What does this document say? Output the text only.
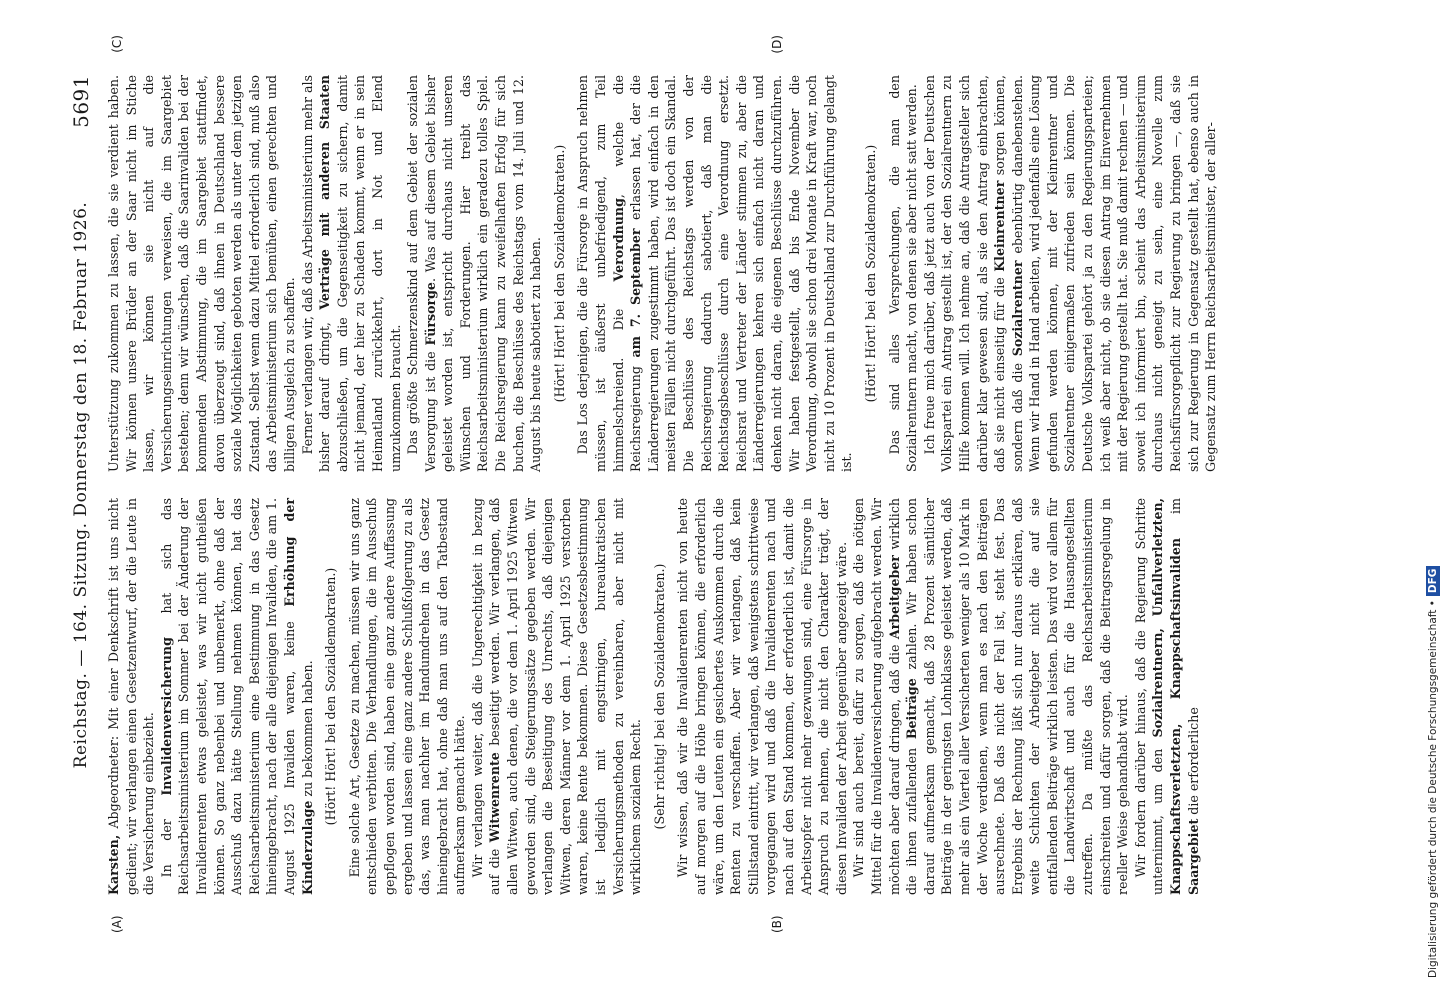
Reichstag. — 164. Sitzung. Donnerstag den 18. Februar 1926.
5691
(A)	(B)
(C)	(D)

Karsten, Abgeordneter: Mit einer Denkschrift ist uns nicht gedient; wir verlangen einen Gesetzentwurf, der die Leute in die Versicherung einbezieht. In der Invalidenversicherung hat sich das Reichsarbeitsministerium im Sommer bei der Änderung der Invalidenrenten etwas geleistet, was wir nicht gutheißen können. So ganz nebenbei und unbemerkt, ohne daß der Ausschuß dazu hätte Stellung nehmen können, hat das Reichsarbeitsministerium eine Bestimmung in das Gesetz hineingebracht, nach der alle diejenigen Invaliden, die am 1. August 1925 Invaliden waren, keine Erhöhung der Kinderzulage zu bekommen haben. (Hört! Hört! bei den Sozialdemokraten.) Eine solche Art, Gesetze zu machen, müssen wir uns ganz entschieden verbitten. Die Verhandlungen, die im Ausschuß gepflogen worden sind, haben eine ganz andere Auffassung ergeben und lassen eine ganz andere Schlußfolgerung zu als das, was man nachher im Handumdrehen in das Gesetz hineingebracht hat, ohne daß man uns auf den Tatbestand aufmerksam gemacht hätte. Wir verlangen weiter, daß die Ungerechtigkeit in bezug auf die Witwenrente beseitigt werden. Wir verlangen, daß allen Witwen, auch denen, die vor dem 1. April 1925 Witwen geworden sind, die Steigerungssätze gegeben werden. Wir verlangen die Beseitigung des Unrechts, daß diejenigen Witwen, deren Männer vor dem 1. April 1925 verstorben waren, keine Rente bekommen. Diese Gesetzesbestimmung ist lediglich mit engstirnigen, bureaukratischen Versicherungsmethoden zu vereinbaren, aber nicht mit wirklichem sozialem Recht. (Sehr richtig! bei den Sozialdemokraten.) Wir wissen, daß wir die Invalidenrenten nicht von heute auf morgen auf die Höhe bringen können, die erforderlich wäre, um den Leuten ein gesichertes Auskommen durch die Renten zu verschaffen. Aber wir verlangen, daß kein Stillstand eintritt, wir verlangen, daß wenigstens schrittweise vorgegangen wird und daß die Invalidenrenten nach und nach auf den Stand kommen, der erforderlich ist, damit die Arbeitsopfer nicht mehr gezwungen sind, eine Fürsorge in Anspruch zu nehmen, die nicht den Charakter trägt, der diesen Invaliden der Arbeit gegenüber angezeigt wäre. Wir sind auch bereit, dafür zu sorgen, daß die nötigen Mittel für die Invalidenversicherung aufgebracht werden. Wir möchten aber darauf dringen, daß die Arbeitgeber wirklich die ihnen zufallenden Beiträge zahlen. Wir haben schon darauf aufmerksam gemacht, daß 28 Prozent sämtlicher Beiträge in der geringsten Lohnklasse geleistet werden, daß mehr als ein Viertel aller Versicherten weniger als 10 Mark in der Woche verdienen, wenn man es nach den Beiträgen ausrechnete. Daß das nicht der Fall ist, steht fest. Das Ergebnis der Rechnung läßt sich nur daraus erklären, daß weite Schichten der Arbeitgeber nicht die auf sie entfallenden Beiträge wirklich leisten. Das wird vor allem für die Landwirtschaft und auch für die Hausangestellten zutreffen. Da müßte das Reichsarbeitsministerium einschreiten und dafür sorgen, daß die Beitragsregelung in reeller Weise gehandhabt wird. Wir fordern darüber hinaus, daß die Regierung Schritte unternimmt, um den Sozialrentnern, Unfallverletzten, Knappschaftsverletzten, Knappschaftsinvaliden im Saargebiet die erforderliche

Unterstützung zukommen zu lassen, die sie verdient haben. Wir können unsere Brüder an der Saar nicht im Stiche lassen, wir können sie nicht auf die Versicherungseinrichtungen verweisen, die im Saargebiet bestehen; denn wir wünschen, daß die Saarinvaliden bei der kommenden Abstimmung, die im Saargebiet stattfindet, davon überzeugt sind, daß ihnen in Deutschland bessere soziale Möglichkeiten geboten werden als unter dem jetzigen Zustand. Selbst wenn dazu Mittel erforderlich sind, muß also das Arbeitsministerium sich bemühen, einen gerechten und billigen Ausgleich zu schaffen. Ferner verlangen wir, daß das Arbeitsministerium mehr als bisher darauf dringt, Verträge mit anderen Staaten abzuschließen, um die Gegenseitigkeit zu sichern, damit nicht jemand, der hier zu Schaden kommt, wenn er in sein Heimatland zurückkehrt, dort in Not und Elend umzukommen braucht. Das größte Schmerzenskind auf dem Gebiet der sozialen Versorgung ist die Fürsorge. Was auf diesem Gebiet bisher geleistet worden ist, entspricht durchaus nicht unseren Wünschen und Forderungen. Hier treibt das Reichsarbeitsministerium wirklich ein geradezu tolles Spiel. Die Reichsregierung kann zu zweifelhaften Erfolg für sich buchen, die Beschlüsse des Reichstags vom 14. Juli und 12. August bis heute sabotiert zu haben. (Hört! Hört! bei den Sozialdemokraten.) Das Los derjenigen, die die Fürsorge in Anspruch nehmen müssen, ist äußerst unbefriedigend, zum Teil himmelschreiend. Die Verordnung, welche die Reichsregierung am 7. September erlassen hat, der die Länderregierungen zugestimmt haben, wird einfach in den meisten Fällen nicht durchgeführt. Das ist doch ein Skandal. Die Beschlüsse des Reichstags werden von der Reichsregierung dadurch sabotiert, daß man die Reichstagsbeschlüsse durch eine Verordnung ersetzt. Reichsrat und Vertreter der Länder stimmen zu, aber die Länderregierungen kehren sich einfach nicht daran und denken nicht daran, die eigenen Beschlüsse durchzuführen. Wir haben festgestellt, daß bis Ende November die Verordnung, obwohl sie schon drei Monate in Kraft war, noch nicht zu 10 Prozent in Deutschland zur Durchführung gelangt ist.

(Hört! Hört! bei den Sozialdemokraten.) Das sind alles Versprechungen, die man den Sozialrentnern macht, von denen sie aber nicht satt werden. Ich freue mich darüber, daß jetzt auch von der Deutschen Volkspartei ein Antrag gestellt ist, der den Sozialrentnern zu Hilfe kommen will. Ich nehme an, daß die Antragsteller sich darüber klar gewesen sind, als sie den Antrag einbrachten, daß sie nicht einseitig für die Kleinrentner sorgen können, sondern daß die Sozialrentner ebenbürtig danebenstehen. Wenn wir Hand in Hand arbeiten, wird jedenfalls eine Lösung gefunden werden können, mit der Kleinrentner und Sozialrentner einigermaßen zufrieden sein können. Die Deutsche Volkspartei gehört ja zu den Regierungsparteien; ich weiß aber nicht, ob sie diesen Antrag im Einvernehmen mit der Regierung gestellt hat. Sie muß damit rechnen — und soweit ich informiert bin, scheint das Arbeitsministerium durchaus nicht geneigt zu sein, eine Novelle zum Reichsfürsorgepflicht zur Regierung zu bringen —, daß sie sich zur Regierung in Gegensatz gestellt hat, ebenso auch in Gegensatz zum Herrn Reichsarbeitsminister, der aller-

Digitalisierung gefördert durch die Deutsche Forschungsgemeinschaft •DFG
